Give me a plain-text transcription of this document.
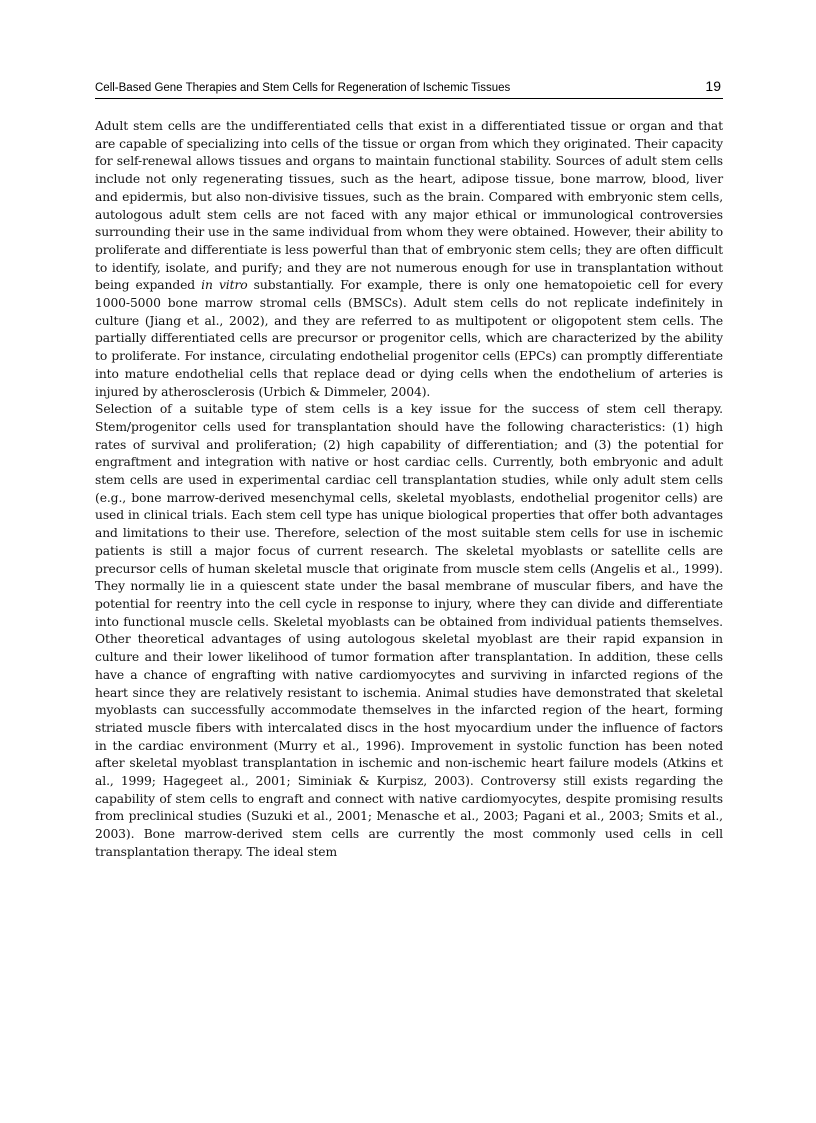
Cell-Based Gene Therapies and Stem Cells for Regeneration of Ischemic Tissues	19

Adult stem cells are the undifferentiated cells that exist in a differentiated tissue or organ and that are capable of specializing into cells of the tissue or organ from which they originated. Their capacity for self-renewal allows tissues and organs to maintain functional stability. Sources of adult stem cells include not only regenerating tissues, such as the heart, adipose tissue, bone marrow, blood, liver and epidermis, but also non-divisive tissues, such as the brain. Compared with embryonic stem cells, autologous adult stem cells are not faced with any major ethical or immunological controversies surrounding their use in the same individual from whom they were obtained. However, their ability to proliferate and differentiate is less powerful than that of embryonic stem cells; they are often difficult to identify, isolate, and purify; and they are not numerous enough for use in transplantation without being expanded in vitro substantially. For example, there is only one hematopoietic cell for every 1000-5000 bone marrow stromal cells (BMSCs). Adult stem cells do not replicate indefinitely in culture (Jiang et al., 2002), and they are referred to as multipotent or oligopotent stem cells. The partially differentiated cells are precursor or progenitor cells, which are characterized by the ability to proliferate. For instance, circulating endothelial progenitor cells (EPCs) can promptly differentiate into mature endothelial cells that replace dead or dying cells when the endothelium of arteries is injured by atherosclerosis (Urbich & Dimmeler, 2004).

Selection of a suitable type of stem cells is a key issue for the success of stem cell therapy. Stem/progenitor cells used for transplantation should have the following characteristics: (1) high rates of survival and proliferation; (2) high capability of differentiation; and (3) the potential for engraftment and integration with native or host cardiac cells. Currently, both embryonic and adult stem cells are used in experimental cardiac cell transplantation studies, while only adult stem cells (e.g., bone marrow-derived mesenchymal cells, skeletal myoblasts, endothelial progenitor cells) are used in clinical trials. Each stem cell type has unique biological properties that offer both advantages and limitations to their use. Therefore, selection of the most suitable stem cells for use in ischemic patients is still a major focus of current research. The skeletal myoblasts or satellite cells are precursor cells of human skeletal muscle that originate from muscle stem cells (Angelis et al., 1999). They normally lie in a quiescent state under the basal membrane of muscular fibers, and have the potential for reentry into the cell cycle in response to injury, where they can divide and differentiate into functional muscle cells. Skeletal myoblasts can be obtained from individual patients themselves. Other theoretical advantages of using autologous skeletal myoblast are their rapid expansion in culture and their lower likelihood of tumor formation after transplantation. In addition, these cells have a chance of engrafting with native cardiomyocytes and surviving in infarcted regions of the heart since they are relatively resistant to ischemia. Animal studies have demonstrated that skeletal myoblasts can successfully accommodate themselves in the infarcted region of the heart, forming striated muscle fibers with intercalated discs in the host myocardium under the influence of factors in the cardiac environment (Murry et al., 1996). Improvement in systolic function has been noted after skeletal myoblast transplantation in ischemic and non-ischemic heart failure models (Atkins et al., 1999; Hagegeet al., 2001; Siminiak & Kurpisz, 2003). Controversy still exists regarding the capability of stem cells to engraft and connect with native cardiomyocytes, despite promising results from preclinical studies (Suzuki et al., 2001; Menasche et al., 2003; Pagani et al., 2003; Smits et al., 2003). Bone marrow-derived stem cells are currently the most commonly used cells in cell transplantation therapy. The ideal stem
